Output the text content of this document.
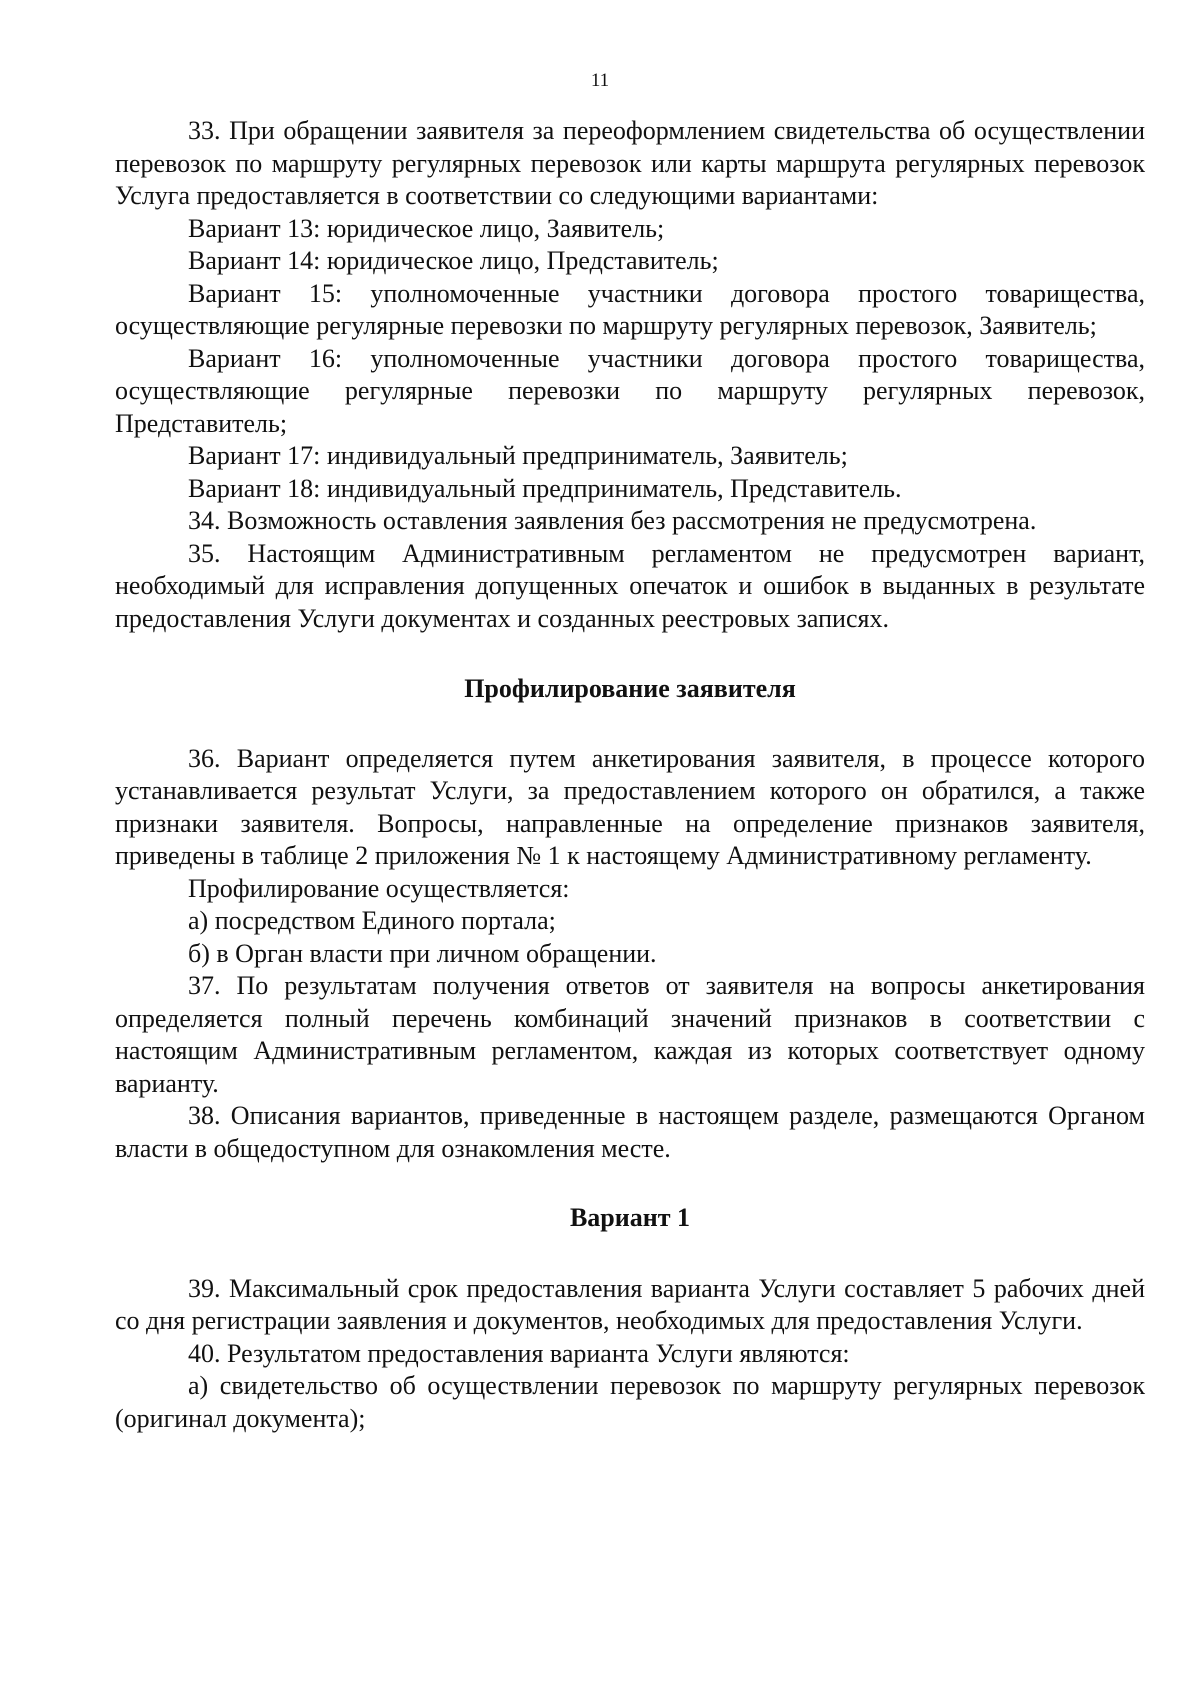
11

33. При обращении заявителя за переоформлением свидетельства об осуществлении перевозок по маршруту регулярных перевозок или карты маршрута регулярных перевозок Услуга предоставляется в соответствии со следующими вариантами:

Вариант 13: юридическое лицо, Заявитель;

Вариант 14: юридическое лицо, Представитель;

Вариант 15: уполномоченные участники договора простого товарищества, осуществляющие регулярные перевозки по маршруту регулярных перевозок, Заявитель;

Вариант 16: уполномоченные участники договора простого товарищества, осуществляющие регулярные перевозки по маршруту регулярных перевозок, Представитель;

Вариант 17: индивидуальный предприниматель, Заявитель;

Вариант 18: индивидуальный предприниматель, Представитель.

34. Возможность оставления заявления без рассмотрения не предусмотрена.

35. Настоящим Административным регламентом не предусмотрен вариант, необходимый для исправления допущенных опечаток и ошибок в выданных в результате предоставления Услуги документах и созданных реестровых записях.

Профилирование заявителя

36. Вариант определяется путем анкетирования заявителя, в процессе которого устанавливается результат Услуги, за предоставлением которого он обратился, а также признаки заявителя. Вопросы, направленные на определение признаков заявителя, приведены в таблице 2 приложения № 1 к настоящему Административному регламенту.

Профилирование осуществляется:

а) посредством Единого портала;

б) в Орган власти при личном обращении.

37. По результатам получения ответов от заявителя на вопросы анкетирования определяется полный перечень комбинаций значений признаков в соответствии с настоящим Административным регламентом, каждая из которых соответствует одному варианту.

38. Описания вариантов, приведенные в настоящем разделе, размещаются Органом власти в общедоступном для ознакомления месте.

Вариант 1

39. Максимальный срок предоставления варианта Услуги составляет 5 рабочих дней со дня регистрации заявления и документов, необходимых для предоставления Услуги.

40. Результатом предоставления варианта Услуги являются:

а) свидетельство об осуществлении перевозок по маршруту регулярных перевозок (оригинал документа);
